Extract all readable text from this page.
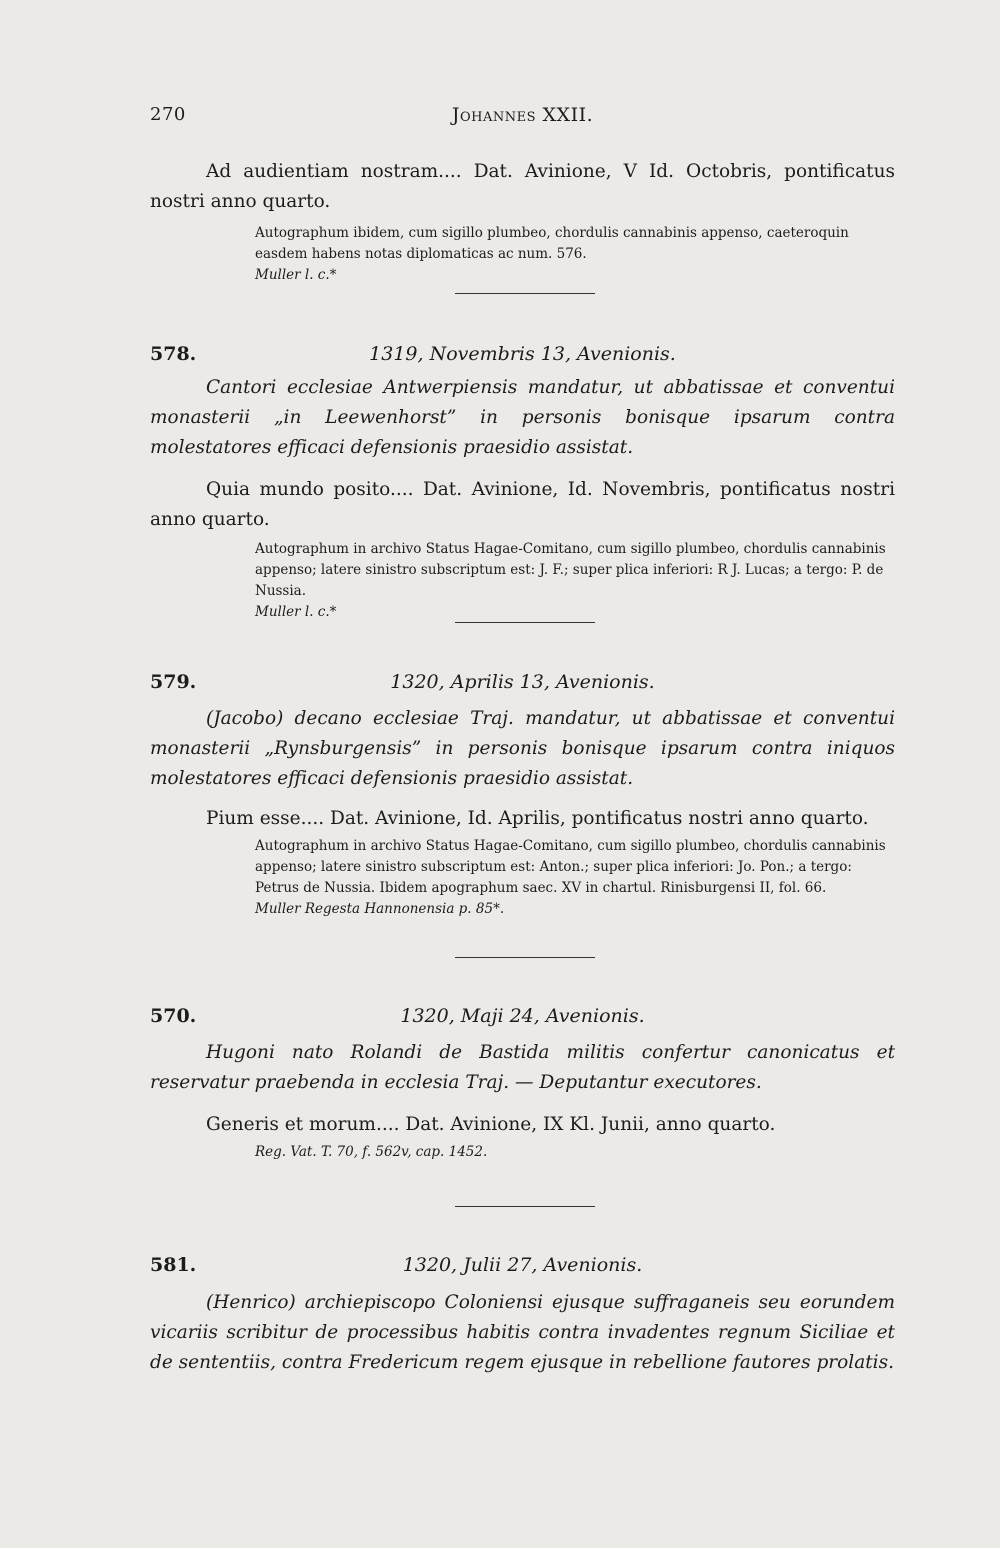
270	Johannes XXII.

Ad audientiam nostram.... Dat. Avinione, V Id. Octobris, pontificatus nostri anno quarto.

Autographum ibidem, cum sigillo plumbeo, chordulis cannabinis appenso, caeteroquin easdem habens notas diplomaticas ac num. 576.

Muller l. c.*

578.	1319, Novembris 13, Avenionis.

Cantori ecclesiae Antwerpiensis mandatur, ut abbatissae et conventui monasterii „in Leewenhorst” in personis bonisque ipsarum contra molestatores efficaci defensionis praesidio assistat.

Quia mundo posito.... Dat. Avinione, Id. Novembris, pontificatus nostri anno quarto.

Autographum in archivo Status Hagae-Comitano, cum sigillo plumbeo, chordulis cannabinis appenso; latere sinistro subscriptum est: J. F.; super plica inferiori: R J. Lucas; a tergo: P. de Nussia.

Muller l. c.*

579.	1320, Aprilis 13, Avenionis.

(Jacobo) decano ecclesiae Traj. mandatur, ut abbatissae et conventui monasterii „Rynsburgensis” in personis bonisque ipsarum contra iniquos molestatores efficaci defensionis praesidio assistat.

Pium esse.... Dat. Avinione, Id. Aprilis, pontificatus nostri anno quarto.

Autographum in archivo Status Hagae-Comitano, cum sigillo plumbeo, chordulis cannabinis appenso; latere sinistro subscriptum est: Anton.; super plica inferiori: Jo. Pon.; a tergo: Petrus de Nussia. Ibidem apographum saec. XV in chartul. Rinisburgensi II, fol. 66.

Muller Regesta Hannonensia p. 85*.

570.	1320, Maji 24, Avenionis.

Hugoni nato Rolandi de Bastida militis confertur canonicatus et reservatur praebenda in ecclesia Traj. — Deputantur executores.

Generis et morum.... Dat. Avinione, IX Kl. Junii, anno quarto.

Reg. Vat. T. 70, f. 562v, cap. 1452.

581.	1320, Julii 27, Avenionis.

(Henrico) archiepiscopo Coloniensi ejusque suffraganeis seu eorundem vicariis scribitur de processibus habitis contra invadentes regnum Siciliae et de sententiis, contra Fredericum regem ejusque in rebellione fautores prolatis.
